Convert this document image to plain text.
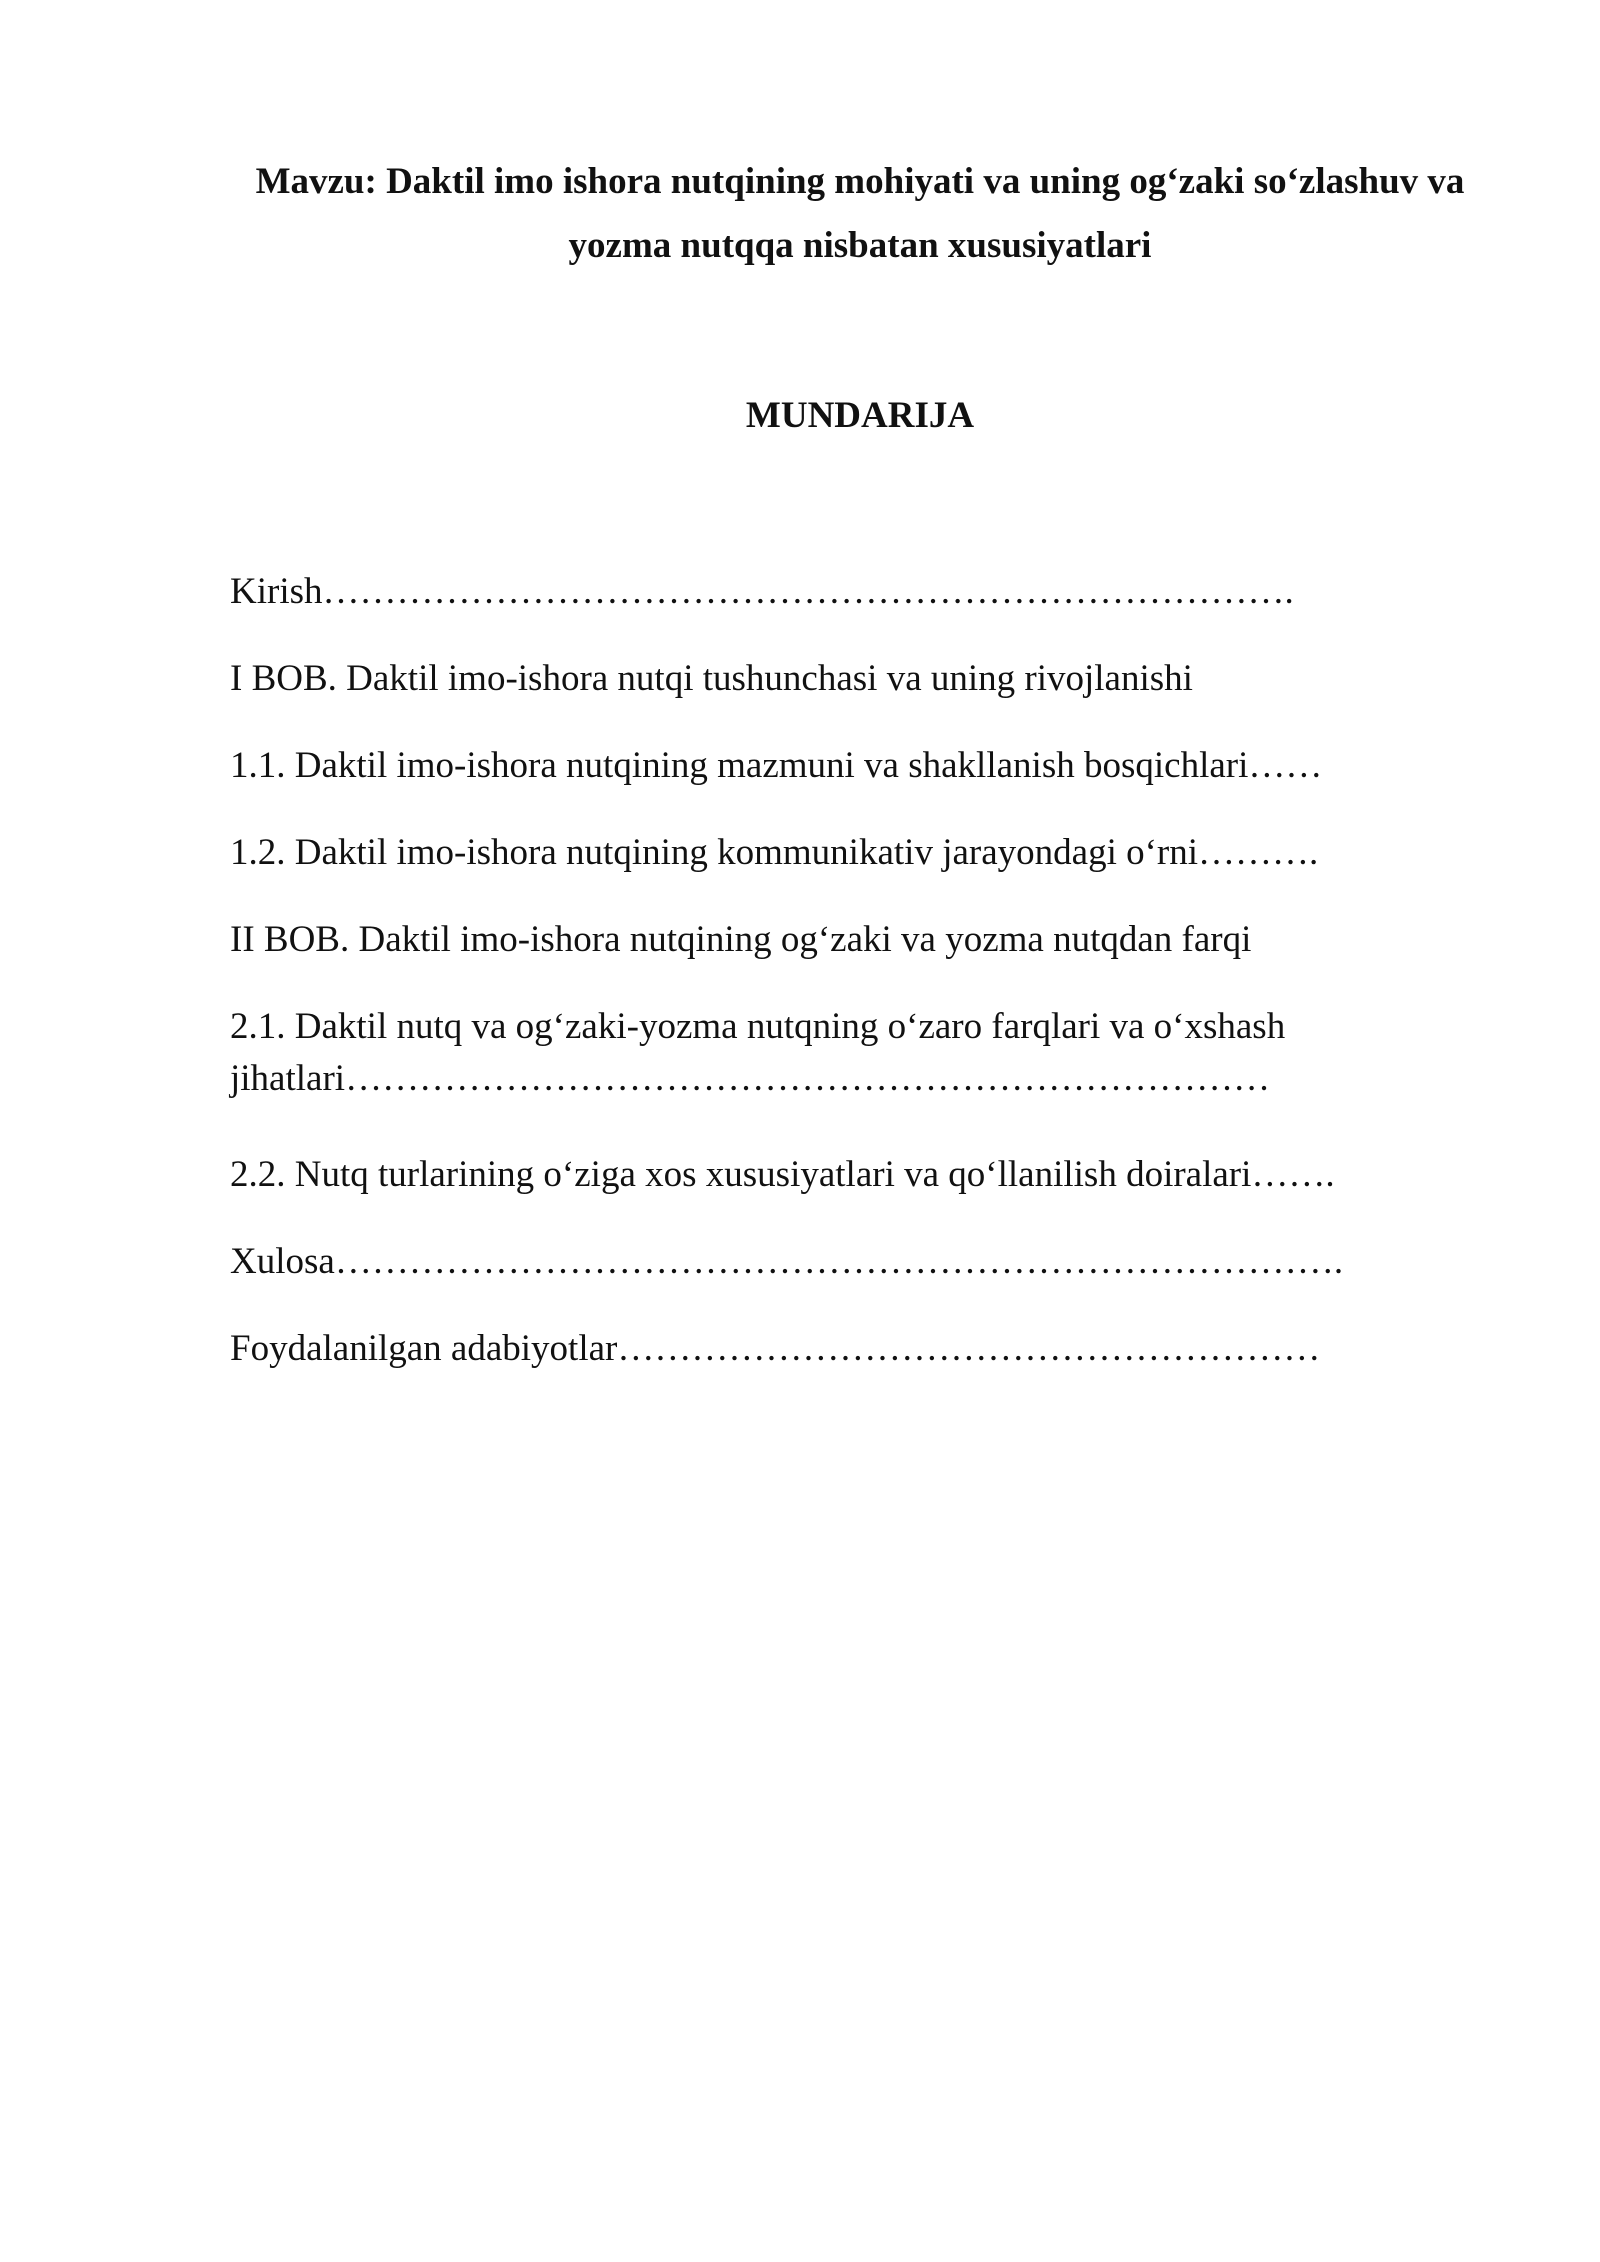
Mavzu: Daktil imo ishora nutqining mohiyati va uning og‘zaki so‘zlashuv va
yozma nutqqa nisbatan xususiyatlari
MUNDARIJA
Kirish…………………………………………………………………….
I BOB. Daktil imo-ishora nutqi tushunchasi va uning rivojlanishi
1.1. Daktil imo-ishora nutqining mazmuni va shakllanish bosqichlari……
1.2. Daktil imo-ishora nutqining kommunikativ jarayondagi o‘rni……….
II BOB. Daktil imo-ishora nutqining og‘zaki va yozma nutqdan farqi
2.1. Daktil nutq va og‘zaki-yozma nutqning o‘zaro farqlari va o‘xshash
jihatlari…………………………………………………………………
2.2. Nutq turlarining o‘ziga xos xususiyatlari va qo‘llanilish doiralari…….
Xulosa……………………………………………………………………….
Foydalanilgan adabiyotlar…………………………………………………
